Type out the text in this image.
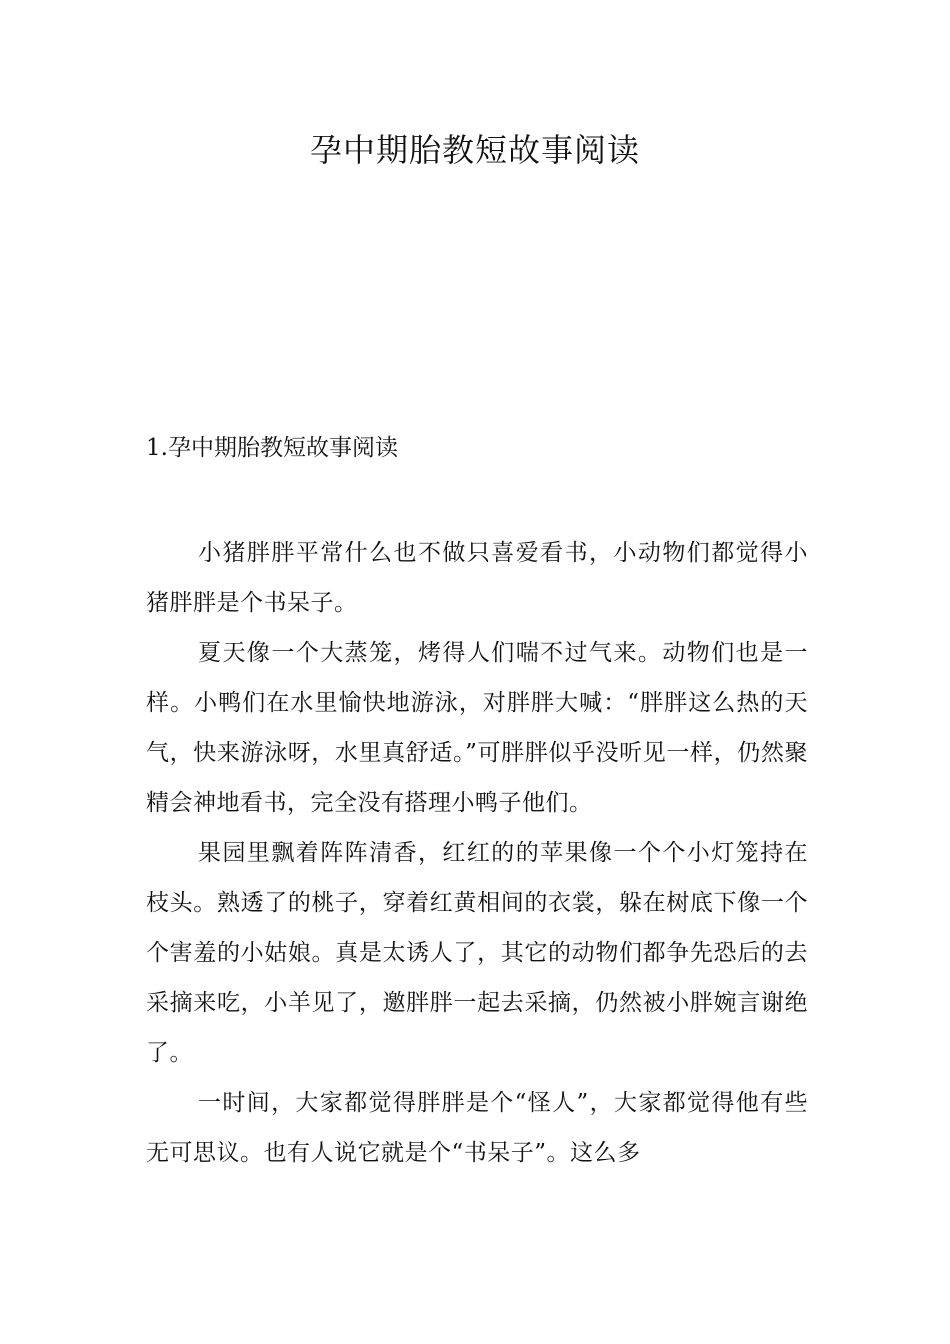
孕中期胎教短故事阅读
1.孕中期胎教短故事阅读

小猪胖胖平常什么也不做只喜爱看书，小动物们都觉得小猪胖胖是个书呆子。

夏天像一个大蒸笼，烤得人们喘不过气来。动物们也是一样。小鸭们在水里愉快地游泳，对胖胖大喊：“胖胖这么热的天气，快来游泳呀，水里真舒适。”可胖胖似乎没听见一样，仍然聚精会神地看书，完全没有搭理小鸭子他们。

果园里飘着阵阵清香，红红的的苹果像一个个小灯笼持在枝头。熟透了的桃子，穿着红黄相间的衣裳，躲在树底下像一个个害羞的小姑娘。真是太诱人了，其它的动物们都争先恐后的去采摘来吃，小羊见了，邀胖胖一起去采摘，仍然被小胖婉言谢绝了。

一时间，大家都觉得胖胖是个“怪人”，大家都觉得他有些无可思议。也有人说它就是个“书呆子”。这么多
